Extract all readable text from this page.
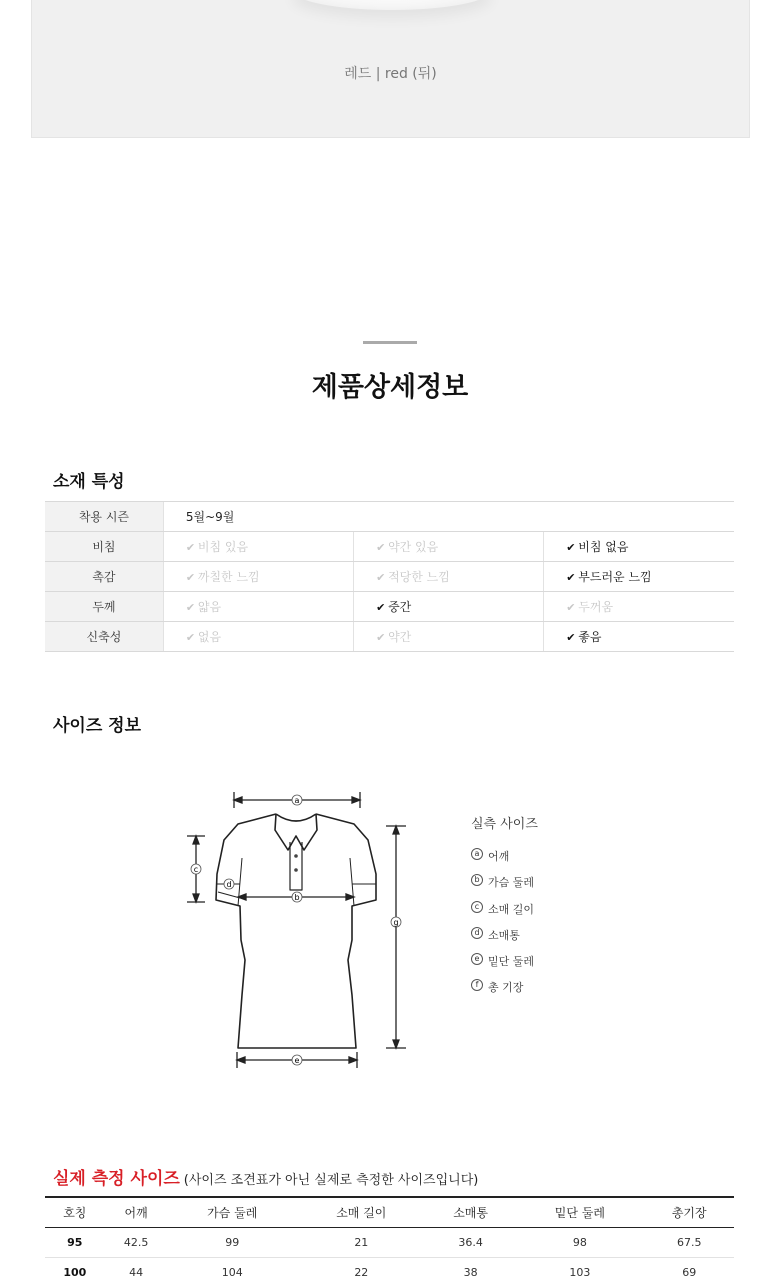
레드 | red (뒤)
제품상세정보
소재 특성
착용 시즌	5월~9월		
비침	✔ 비침 있음	✔ 약간 있음	✔ 비침 없음
촉감	✔ 까칠한 느낌	✔ 적당한 느낌	✔ 부드러운 느낌
두께	✔ 얇음	✔ 중간	✔ 두꺼움
신축성	✔ 없음	✔ 약간	✔ 좋음
사이즈 정보
a
b
c
d
e
g
실측 사이즈
a 어깨
b 가슴 둘레
c 소매 길이
d 소매통
e 밑단 둘레
f 총 기장
실제 측정 사이즈 (사이즈 조견표가 아닌 실제로 측정한 사이즈입니다)
호칭	어깨	가슴 둘레	소매 길이	소매통	밑단 둘레	총기장
95	42.5	99	21	36.4	98	67.5
100	44	104	22	38	103	69
